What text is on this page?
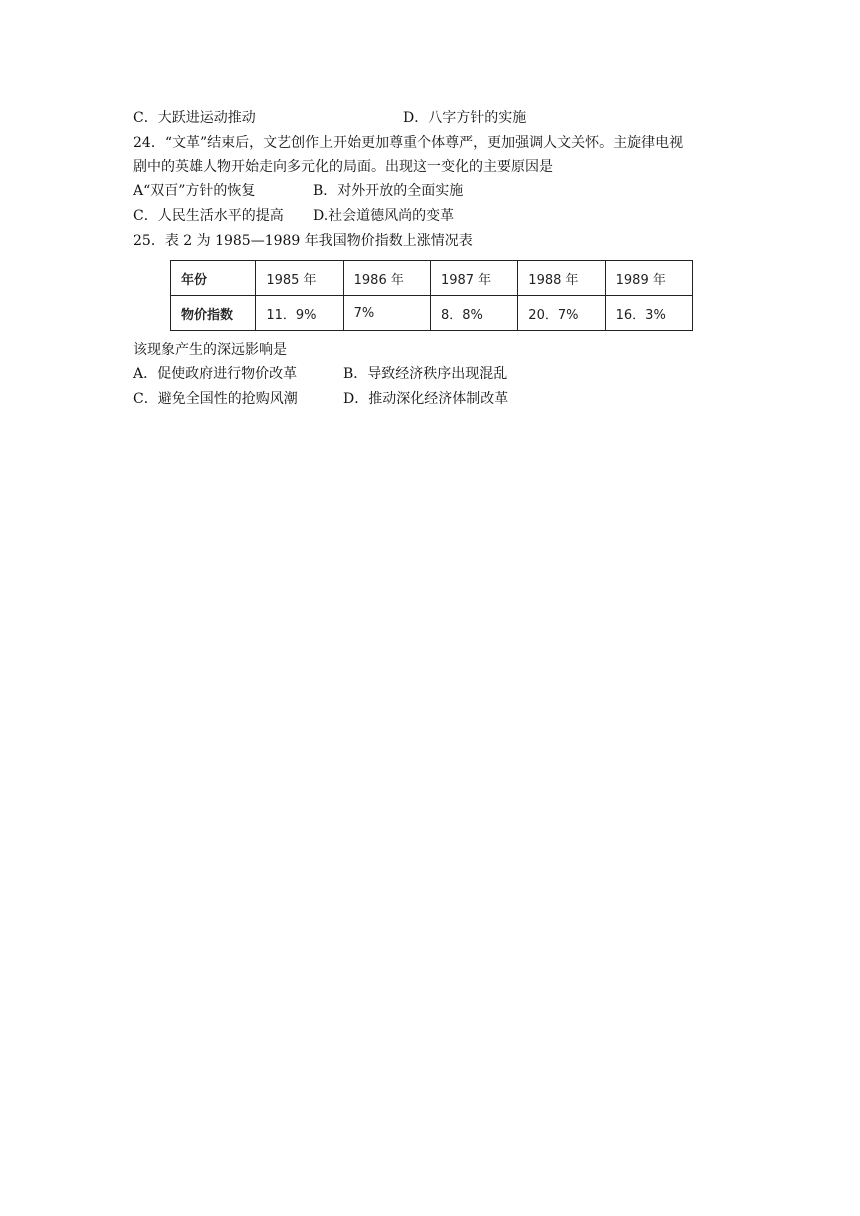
C．大跃进运动推动	D．八字方针的实施
24．“文革”结束后，文艺创作上开始更加尊重个体尊严，更加强调人文关怀。主旋律电视
剧中的英雄人物开始走向多元化的局面。出现这一变化的主要原因是
A“双百”方针的恢复	B．对外开放的全面实施
C．人民生活水平的提高 D.社会道德风尚的变革
25．表 2 为 1985—1989 年我国物价指数上涨情况表
年份	1985 年	1986 年	1987 年	1988 年	1989 年
物价指数	11．9%	7%	8．8%	20．7%	16．3%
该现象产生的深远影响是
A．促使政府进行物价改革	B．导致经济秩序出现混乱
C．避免全国性的抢购风潮	D．推动深化经济体制改革
